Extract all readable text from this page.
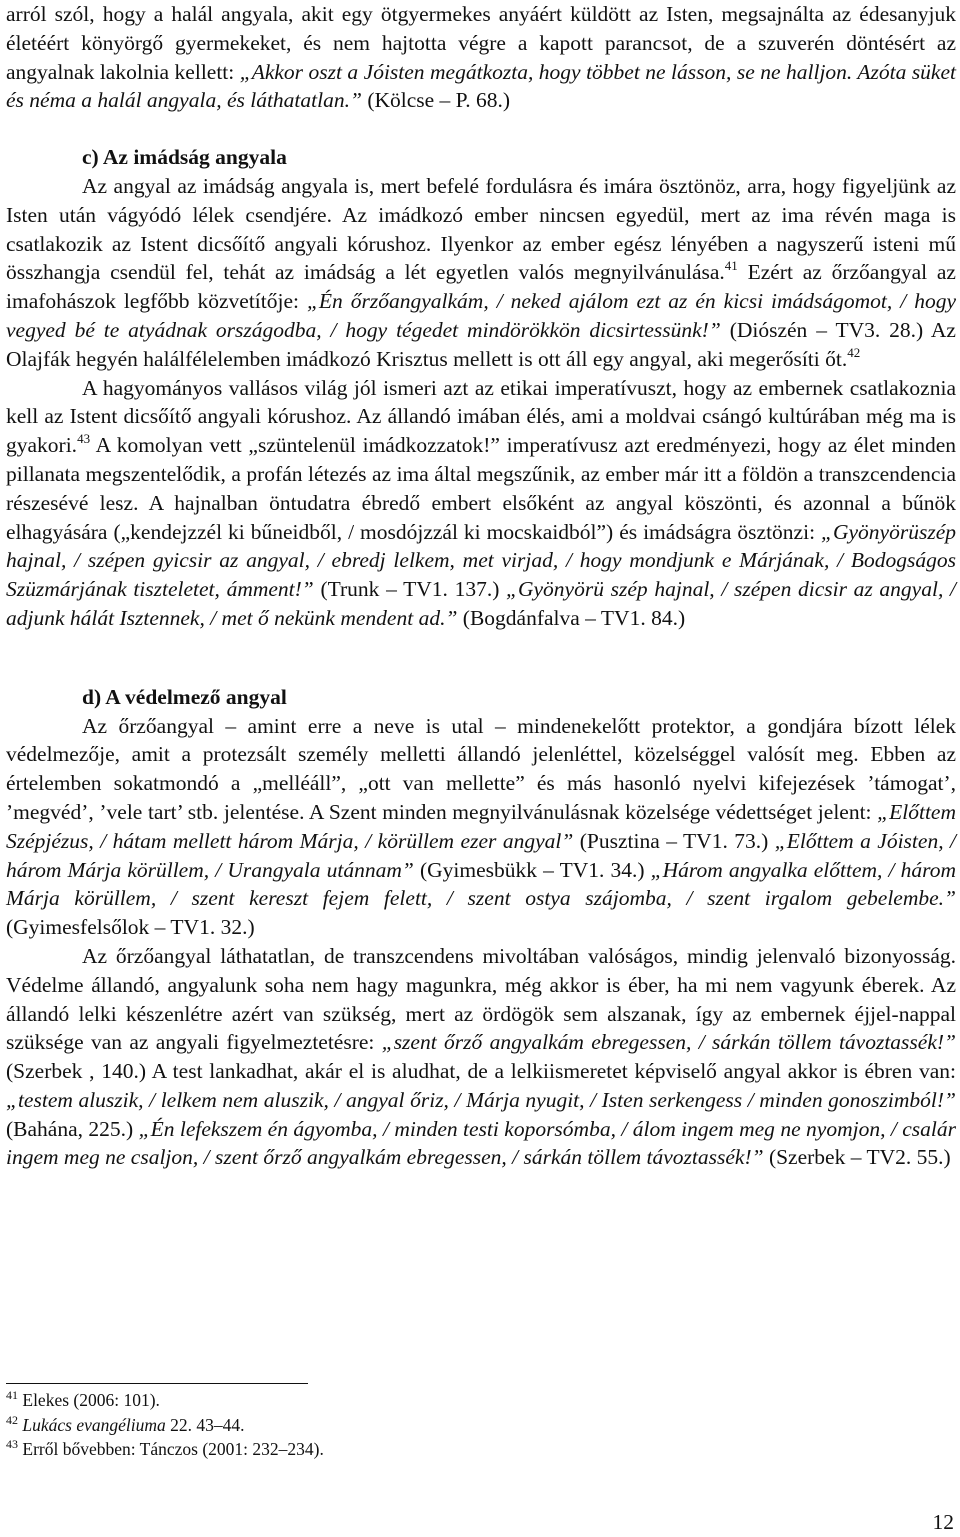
arról szól, hogy a halál angyala, akit egy ötgyermekes anyáért küldött az Isten, megsajnálta az édesanyjuk életéért könyörgő gyermekeket, és nem hajtotta végre a kapott parancsot, de a szuverén döntésért az angyalnak lakolnia kellett: „Akkor oszt a Jóisten megátkozta, hogy többet ne lásson, se ne halljon. Azóta süket és néma a halál angyala, és láthatatlan.” (Kölcse – P. 68.)

c) Az imádság angyala

Az angyal az imádság angyala is, mert befelé fordulásra és imára ösztönöz, arra, hogy figyeljünk az Isten után vágyódó lélek csendjére. Az imádkozó ember nincsen egyedül, mert az ima révén maga is csatlakozik az Istent dicsőítő angyali kórushoz. Ilyenkor az ember egész lényében a nagyszerű isteni mű összhangja csendül fel, tehát az imádság a lét egyetlen valós megnyilvánulása.$^{41}$ Ezért az őrzőangyal az imafohászok legfőbb közvetítője: „Én őrzőangyalkám, / neked ajálom ezt az én kicsi imádságomot, / hogy vegyed bé te atyádnak országodba, / hogy tégedet mindörökkön dicsirtessünk!” (Diószén – TV3. 28.) Az Olajfák hegyén halálfélelemben imádkozó Krisztus mellett is ott áll egy angyal, aki megerősíti őt.$^{42}$

A hagyományos vallásos világ jól ismeri azt az etikai imperatívuszt, hogy az embernek csatlakoznia kell az Istent dicsőítő angyali kórushoz. Az állandó imában élés, ami a moldvai csángó kultúrában még ma is gyakori.$^{43}$ A komolyan vett „szüntelenül imádkozzatok!” imperatívusz azt eredményezi, hogy az élet minden pillanata megszentelődik, a profán létezés az ima által megszűnik, az ember már itt a földön a transzcendencia részesévé lesz. A hajnalban öntudatra ébredő embert elsőként az angyal köszönti, és azonnal a bűnök elhagyására („kendejzzél ki bűneidből, / mosdójzzál ki mocskaidból”) és imádságra ösztönzi: „Gyönyörüszép hajnal, / szépen gyicsir az angyal, / ebredj lelkem, met virjad, / hogy mondjunk e Márjának, / Bodogságos Szüzmárjának tiszteletet, ámment!” (Trunk – TV1. 137.) „Gyönyörü szép hajnal, / szépen dicsir az angyal, / adjunk hálát Isztennek, / met ő nekünk mendent ad.” (Bogdánfalva – TV1. 84.)

d) A védelmező angyal

Az őrzőangyal – amint erre a neve is utal – mindenekelőtt protektor, a gondjára bízott lélek védelmezője, amit a protezsált személy melletti állandó jelenléttel, közelséggel valósít meg. Ebben az értelemben sokatmondó a „melléáll”, „ott van mellette” és más hasonló nyelvi kifejezések ’támogat’, ’megvéd’, ’vele tart’ stb. jelentése. A Szent minden megnyilvánulásnak közelsége védettséget jelent: „Előttem Szépjézus, / hátam mellett három Márja, / körüllem ezer angyal” (Pusztina – TV1. 73.) „Előttem a Jóisten, / három Márja körüllem, / Urangyala utánnam” (Gyimesbükk – TV1. 34.) „Három angyalka előttem, / három Márja körüllem, / szent kereszt fejem felett, / szent ostya szájomba, / szent irgalom gebelembe.” (Gyimesfelsőlok – TV1. 32.)

Az őrzőangyal láthatatlan, de transzcendens mivoltában valóságos, mindig jelenvaló bizonyosság. Védelme állandó, angyalunk soha nem hagy magunkra, még akkor is éber, ha mi nem vagyunk éberek. Az állandó lelki készenlétre azért van szükség, mert az ördögök sem alszanak, így az embernek éjjel-nappal szüksége van az angyali figyelmeztetésre: „szent őrző angyalkám ebregessen, / sárkán töllem távoztassék!” (Szerbek , 140.) A test lankadhat, akár el is aludhat, de a lelkiismeretet képviselő angyal akkor is ébren van: „testem aluszik, / lelkem nem aluszik, / angyal őriz, / Márja nyugit, / Isten serkengess / minden gonoszimból!” (Bahána, 225.) „Én lefekszem én ágyomba, / minden testi koporsómba, / álom ingem meg ne nyomjon, / csalár ingem meg ne csaljon, / szent őrző angyalkám ebregessen, / sárkán töllem távoztassék!” (Szerbek – TV2. 55.)

$^{41}$ Elekes (2006: 101).

$^{42}$ Lukács evangéliuma 22. 43–44.

$^{43}$ Erről bővebben: Tánczos (2001: 232–234).

12
